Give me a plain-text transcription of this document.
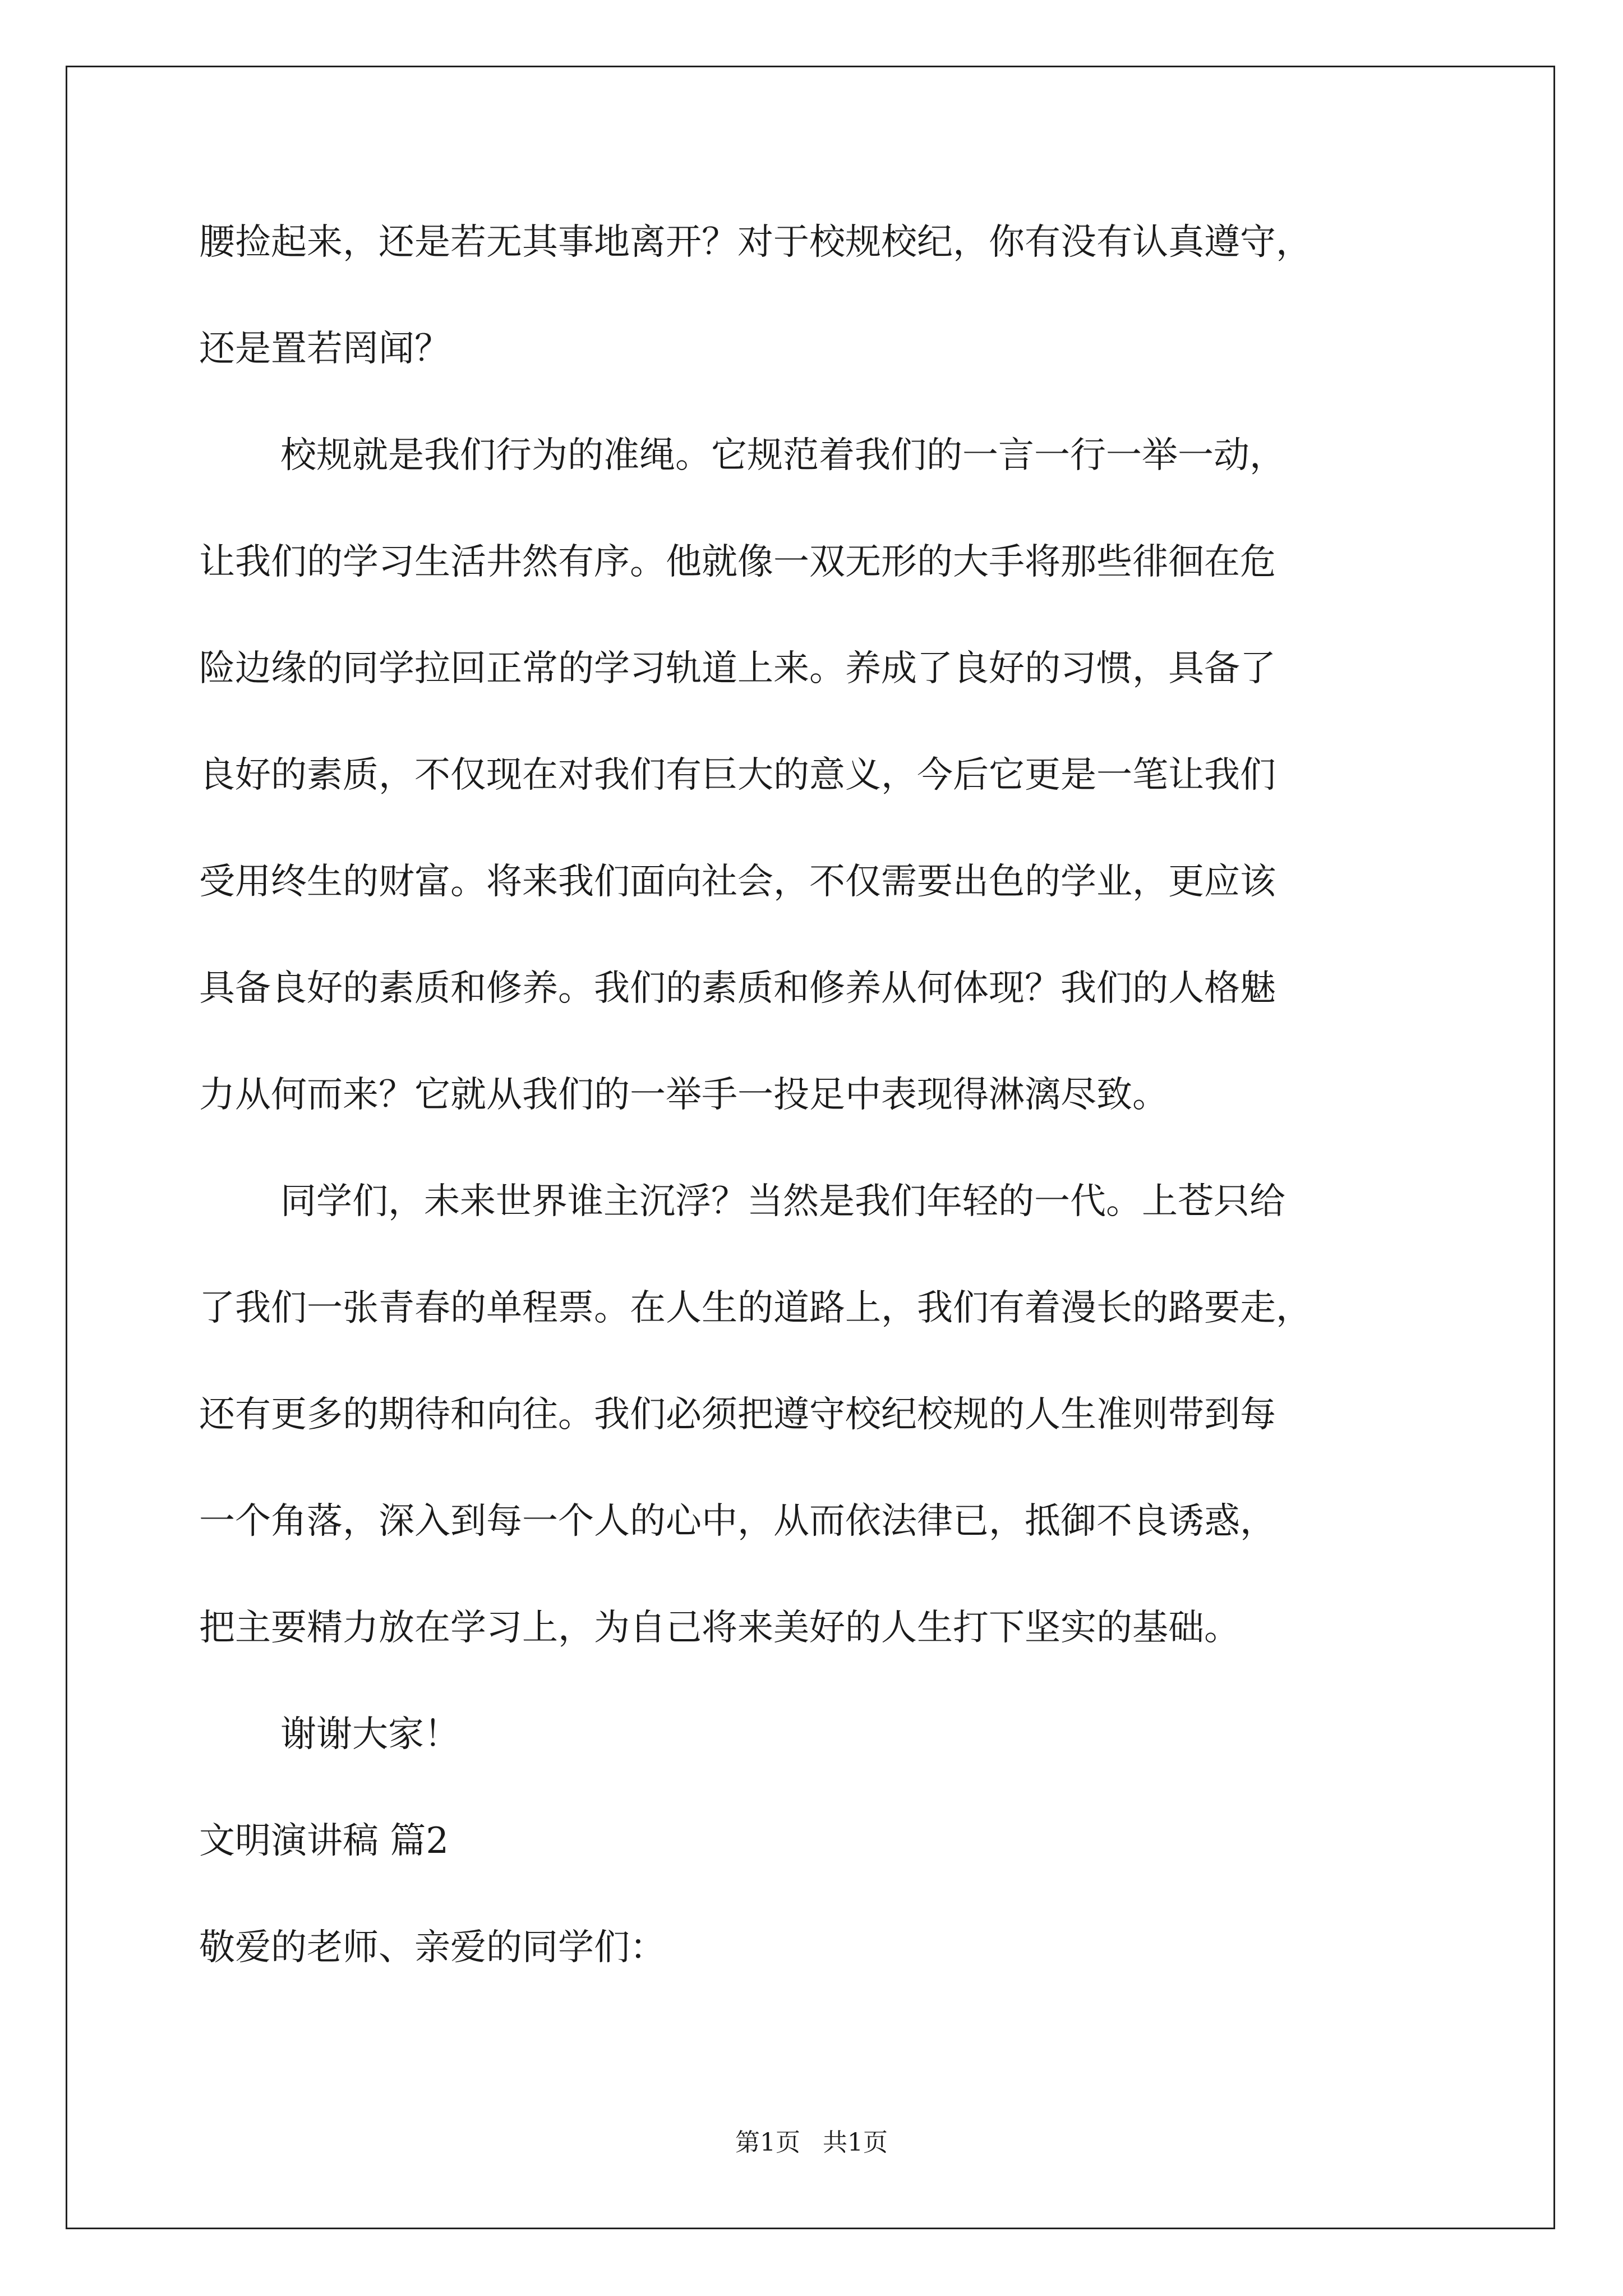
腰捡起来，还是若无其事地离开？对于校规校纪，你有没有认真遵守，
还是置若罔闻？
校规就是我们行为的准绳。它规范着我们的一言一行一举一动，
让我们的学习生活井然有序。他就像一双无形的大手将那些徘徊在危
险边缘的同学拉回正常的学习轨道上来。养成了良好的习惯，具备了
良好的素质，不仅现在对我们有巨大的意义，今后它更是一笔让我们
受用终生的财富。将来我们面向社会，不仅需要出色的学业，更应该
具备良好的素质和修养。我们的素质和修养从何体现？我们的人格魅
力从何而来？它就从我们的一举手一投足中表现得淋漓尽致。
同学们，未来世界谁主沉浮？当然是我们年轻的一代。上苍只给
了我们一张青春的单程票。在人生的道路上，我们有着漫长的路要走，
还有更多的期待和向往。我们必须把遵守校纪校规的人生准则带到每
一个角落，深入到每一个人的心中，从而依法律已，抵御不良诱惑，
把主要精力放在学习上，为自己将来美好的人生打下坚实的基础。
谢谢大家！
文明演讲稿 篇2
敬爱的老师、亲爱的同学们：
第1页 共1页
